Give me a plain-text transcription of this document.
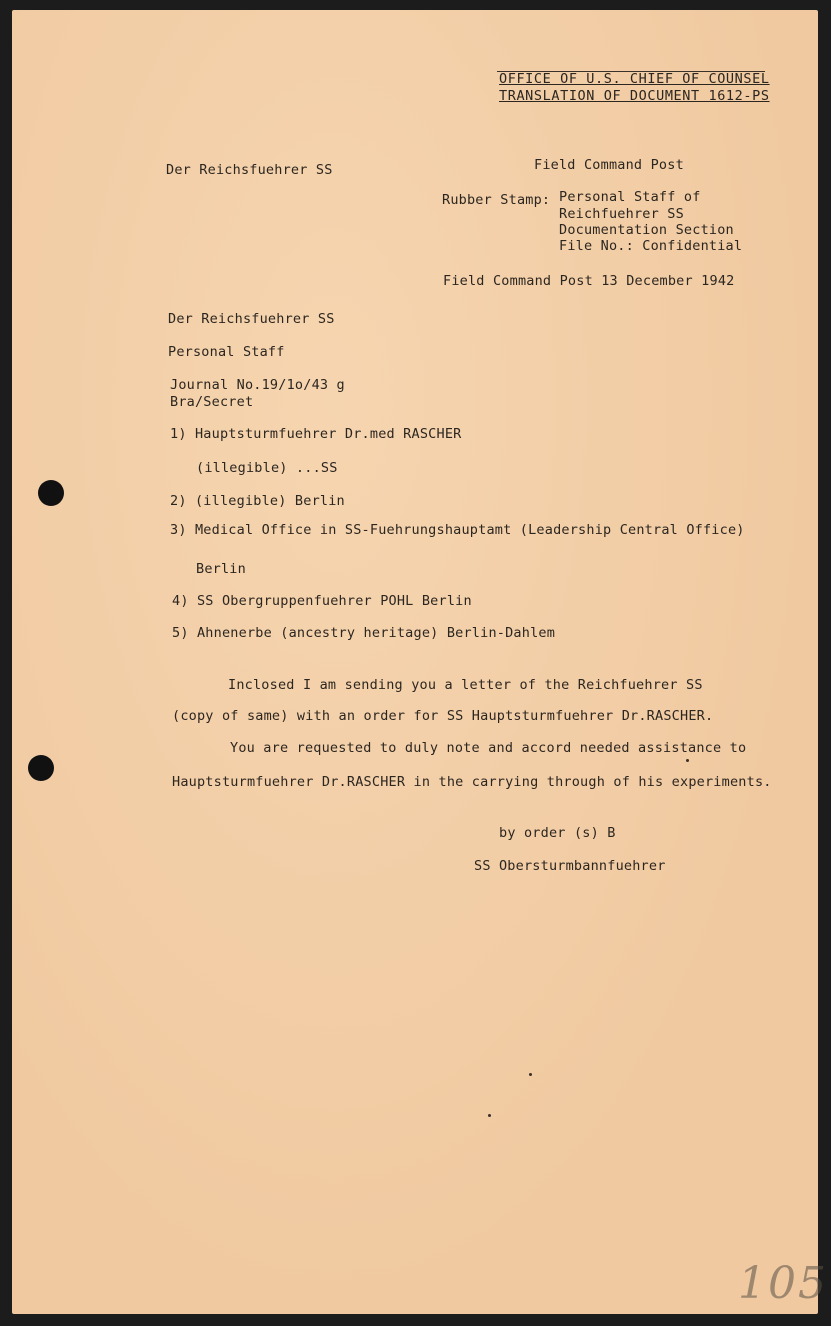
OFFICE OF U.S. CHIEF OF COUNSEL
TRANSLATION OF DOCUMENT 1612-PS
Der Reichsfuehrer SS	Field Command Post
Rubber Stamp: Personal Staff of
Reichfuehrer SS
Documentation Section
File No.: Confidential
Field Command Post 13 December 1942
Der Reichsfuehrer SS
Personal Staff
Journal No.19/1o/43 g
Bra/Secret
1) Hauptsturmfuehrer Dr.med RASCHER
(illegible) ...SS
2) (illegible) Berlin
3) Medical Office in SS-Fuehrungshauptamt (Leadership Central Office)
Berlin
4) SS Obergruppenfuehrer POHL Berlin
5) Ahnenerbe (ancestry heritage) Berlin-Dahlem
Inclosed I am sending you a letter of the Reichfuehrer SS
(copy of same) with an order for SS Hauptsturmfuehrer Dr.RASCHER.
You are requested to duly note and accord needed assistance to
Hauptsturmfuehrer Dr.RASCHER in the carrying through of his experiments.
by order (s) B
SS Obersturmbannfuehrer
105
